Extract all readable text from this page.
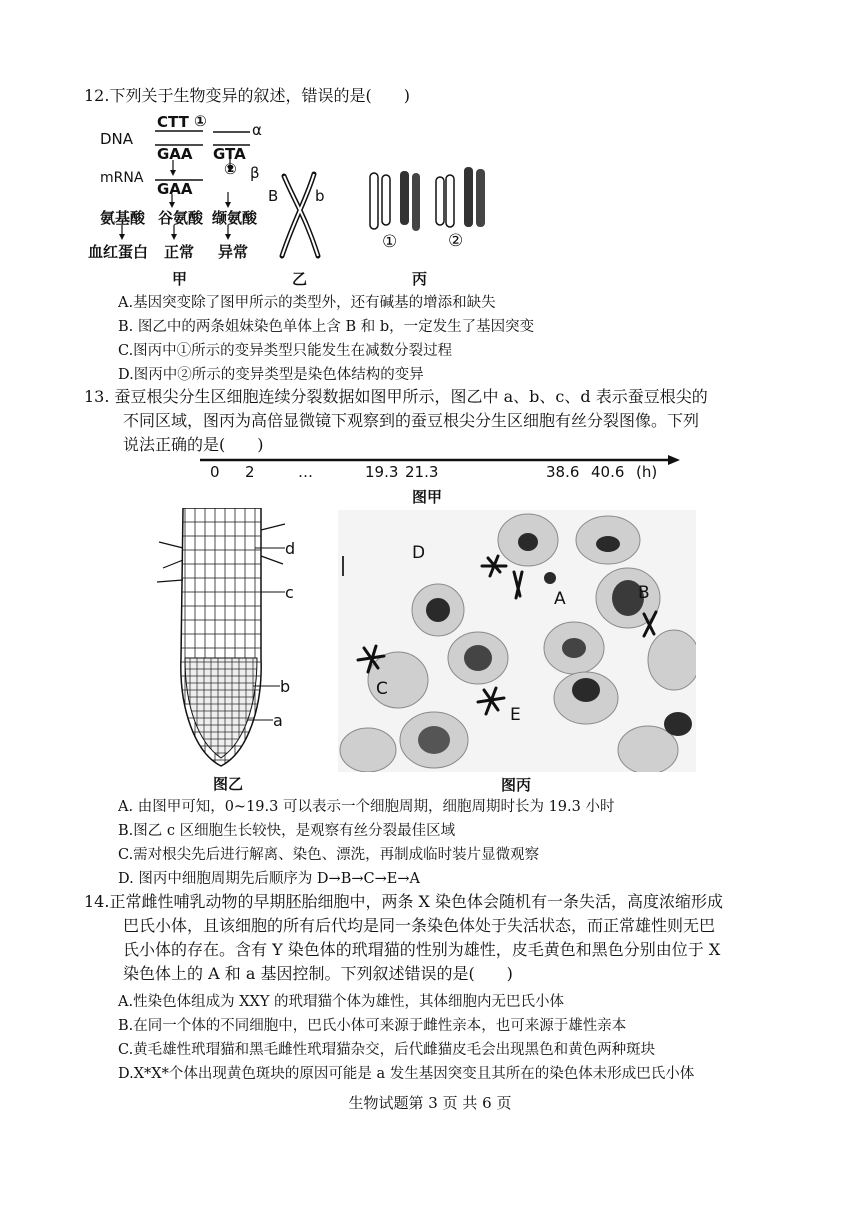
12.下列关于生物变异的叙述，错误的是(　　)
DNA
CTT ①	α
GAA GTA
② β
mRNA
GAA
氨基酸 谷氨酸 缬氨酸
血红蛋白 正常 异常
甲
B b
乙
①	②
丙
A.基因突变除了图甲所示的类型外，还有碱基的增添和缺失
B. 图乙中的两条姐妹染色单体上含 B 和 b，一定发生了基因突变
C.图丙中①所示的变异类型只能发生在减数分裂过程
D.图丙中②所示的变异类型是染色体结构的变异
13. 蚕豆根尖分生区细胞连续分裂数据如图甲所示，图乙中 a、b、c、d 表示蚕豆根尖的
不同区域，图丙为高倍显微镜下观察到的蚕豆根尖分生区细胞有丝分裂图像。下列
说法正确的是(　　)
0 2	…	19.3 21.3	38.6 40.6 (h)
图甲
d
c
b
a
图乙
D
A	B
C
E
图丙
A. 由图甲可知，0~19.3 可以表示一个细胞周期，细胞周期时长为 19.3 小时
B.图乙 c 区细胞生长较快，是观察有丝分裂最佳区域
C.需对根尖先后进行解离、染色、漂洗，再制成临时装片显微观察
D. 图丙中细胞周期先后顺序为 D→B→C→E→A
14.正常雌性哺乳动物的早期胚胎细胞中，两条 X 染色体会随机有一条失活，高度浓缩形成
巴氏小体，且该细胞的所有后代均是同一条染色体处于失活状态，而正常雄性则无巴
氏小体的存在。含有 Y 染色体的玳瑁猫的性别为雄性，皮毛黄色和黑色分别由位于 X
染色体上的 A 和 a 基因控制。下列叙述错误的是(　　)
A.性染色体组成为 XXY 的玳瑁猫个体为雄性，其体细胞内无巴氏小体
B.在同一个体的不同细胞中，巴氏小体可来源于雌性亲本，也可来源于雄性亲本
C.黄毛雄性玳瑁猫和黑毛雌性玳瑁猫杂交，后代雌猫皮毛会出现黑色和黄色两种斑块
D.X*X*个体出现黄色斑块的原因可能是 a 发生基因突变且其所在的染色体未形成巴氏小体
生物试题第 3 页 共 6 页
